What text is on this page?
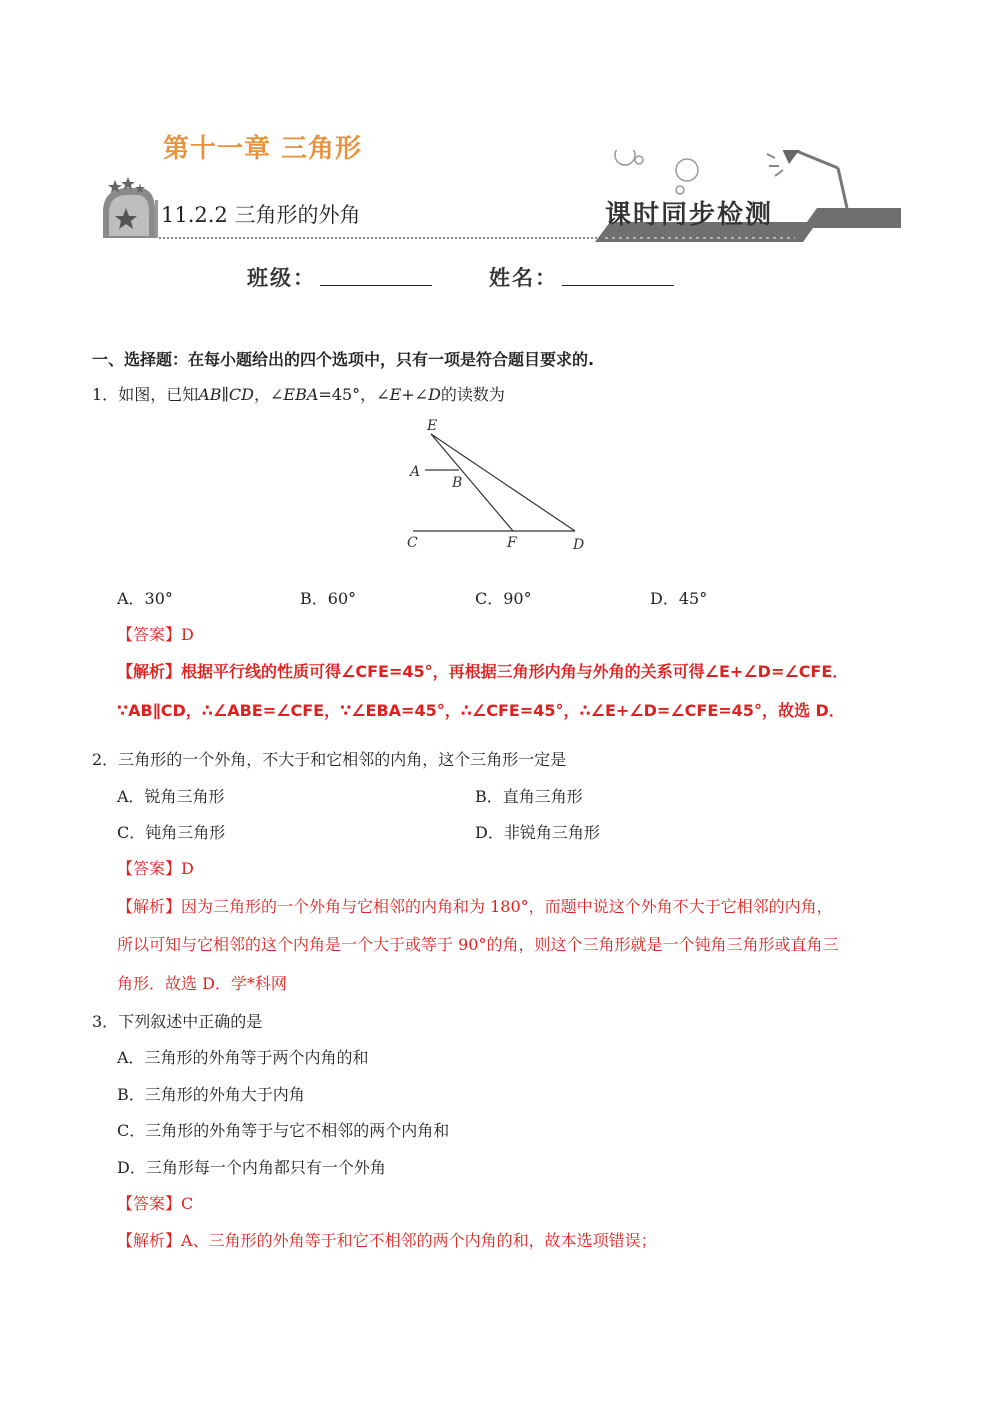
第十一章 三角形
11.2.2 三角形的外角	课时同步检测
班级：	姓名：
一、选择题：在每小题给出的四个选项中，只有一项是符合题目要求的.
1．如图，已知AB∥CD，∠EBA=45°，∠E+∠D的读数为
E
A
B
C	F	D
A．30°	B．60°	C．90°	D．45°
【答案】D
【解析】根据平行线的性质可得∠CFE=45°，再根据三角形内角与外角的关系可得∠E+∠D=∠CFE．
∵AB∥CD，∴∠ABE=∠CFE，∵∠EBA=45°，∴∠CFE=45°，∴∠E+∠D=∠CFE=45°，故选 D．
2．三角形的一个外角，不大于和它相邻的内角，这个三角形一定是
A．锐角三角形	B．直角三角形
C．钝角三角形	D．非锐角三角形
【答案】D
【解析】因为三角形的一个外角与它相邻的内角和为 180°，而题中说这个外角不大于它相邻的内角，
所以可知与它相邻的这个内角是一个大于或等于 90°的角，则这个三角形就是一个钝角三角形或直角三
角形．故选 D．学*科网
3．下列叙述中正确的是
A．三角形的外角等于两个内角的和
B．三角形的外角大于内角
C．三角形的外角等于与它不相邻的两个内角和
D．三角形每一个内角都只有一个外角
【答案】C
【解析】A、三角形的外角等于和它不相邻的两个内角的和，故本选项错误；
